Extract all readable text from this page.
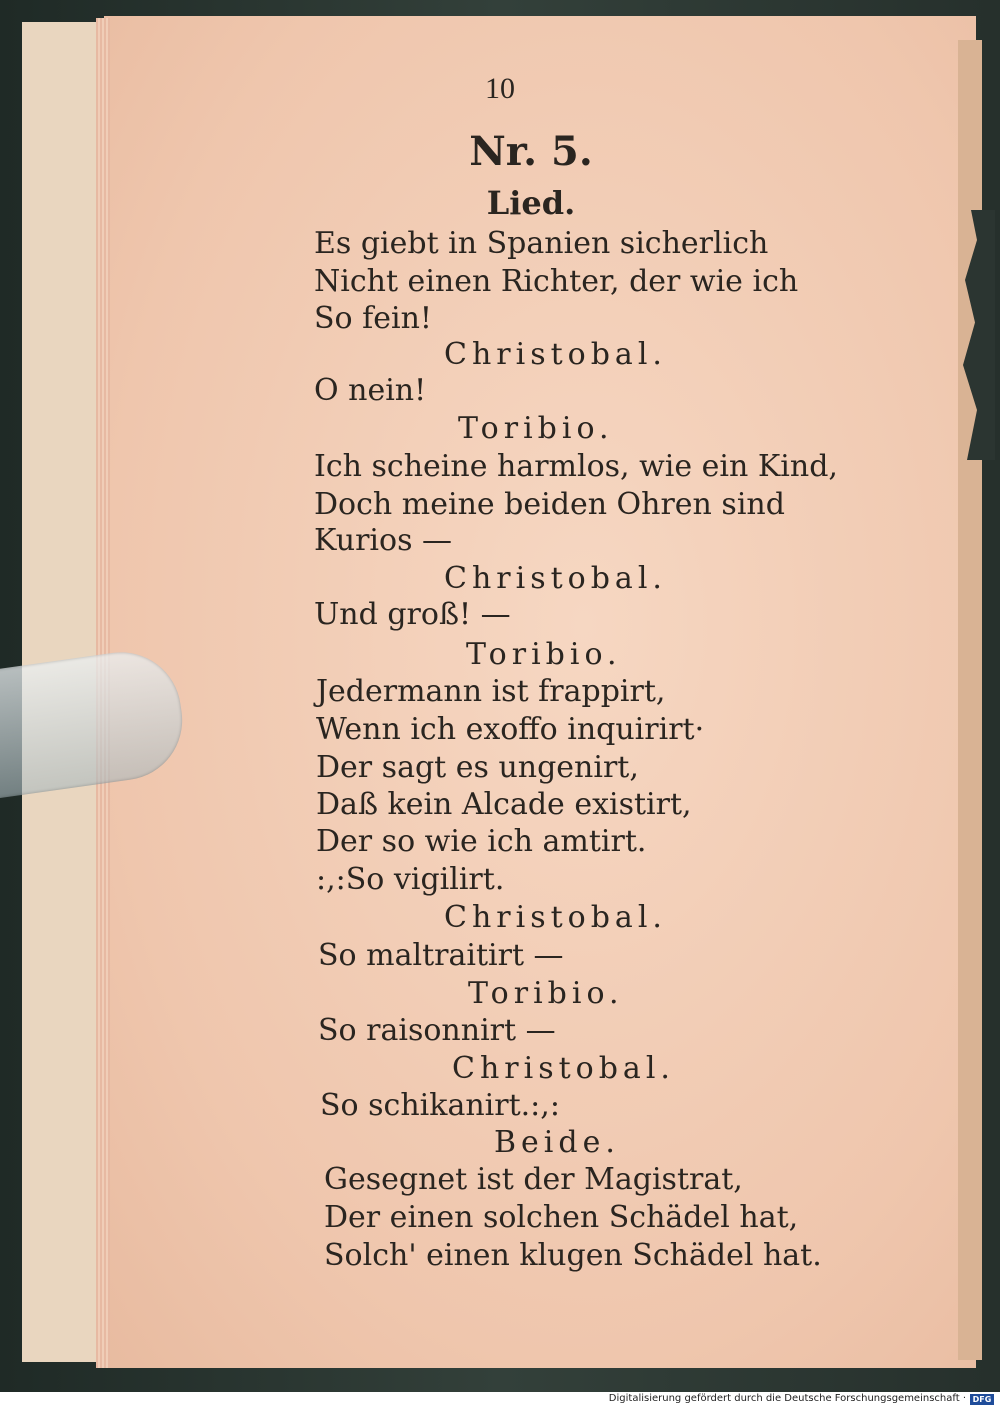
10
Nr. 5.
Lied.
Es giebt in Spanien sicherlich
Nicht einen Richter, der wie ich
So fein!
Christobal.
O nein!
Toribio.
Ich scheine harmlos, wie ein Kind,
Doch meine beiden Ohren sind
Kurios —
Christobal.
Und groß! —
Toribio.
Jedermann ist frappirt,
Wenn ich exoffo inquirirt·
Der sagt es ungenirt,
Daß kein Alcade existirt,
Der so wie ich amtirt.
:,:So vigilirt.
Christobal.
So maltraitirt —
Toribio.
So raisonnirt —
Christobal.
So schikanirt.:,:
Beide.
Gesegnet ist der Magistrat,
Der einen solchen Schädel hat,
Solch' einen klugen Schädel hat.
Digitalisierung gefördert durch die Deutsche Forschungsgemeinschaft · DFG
